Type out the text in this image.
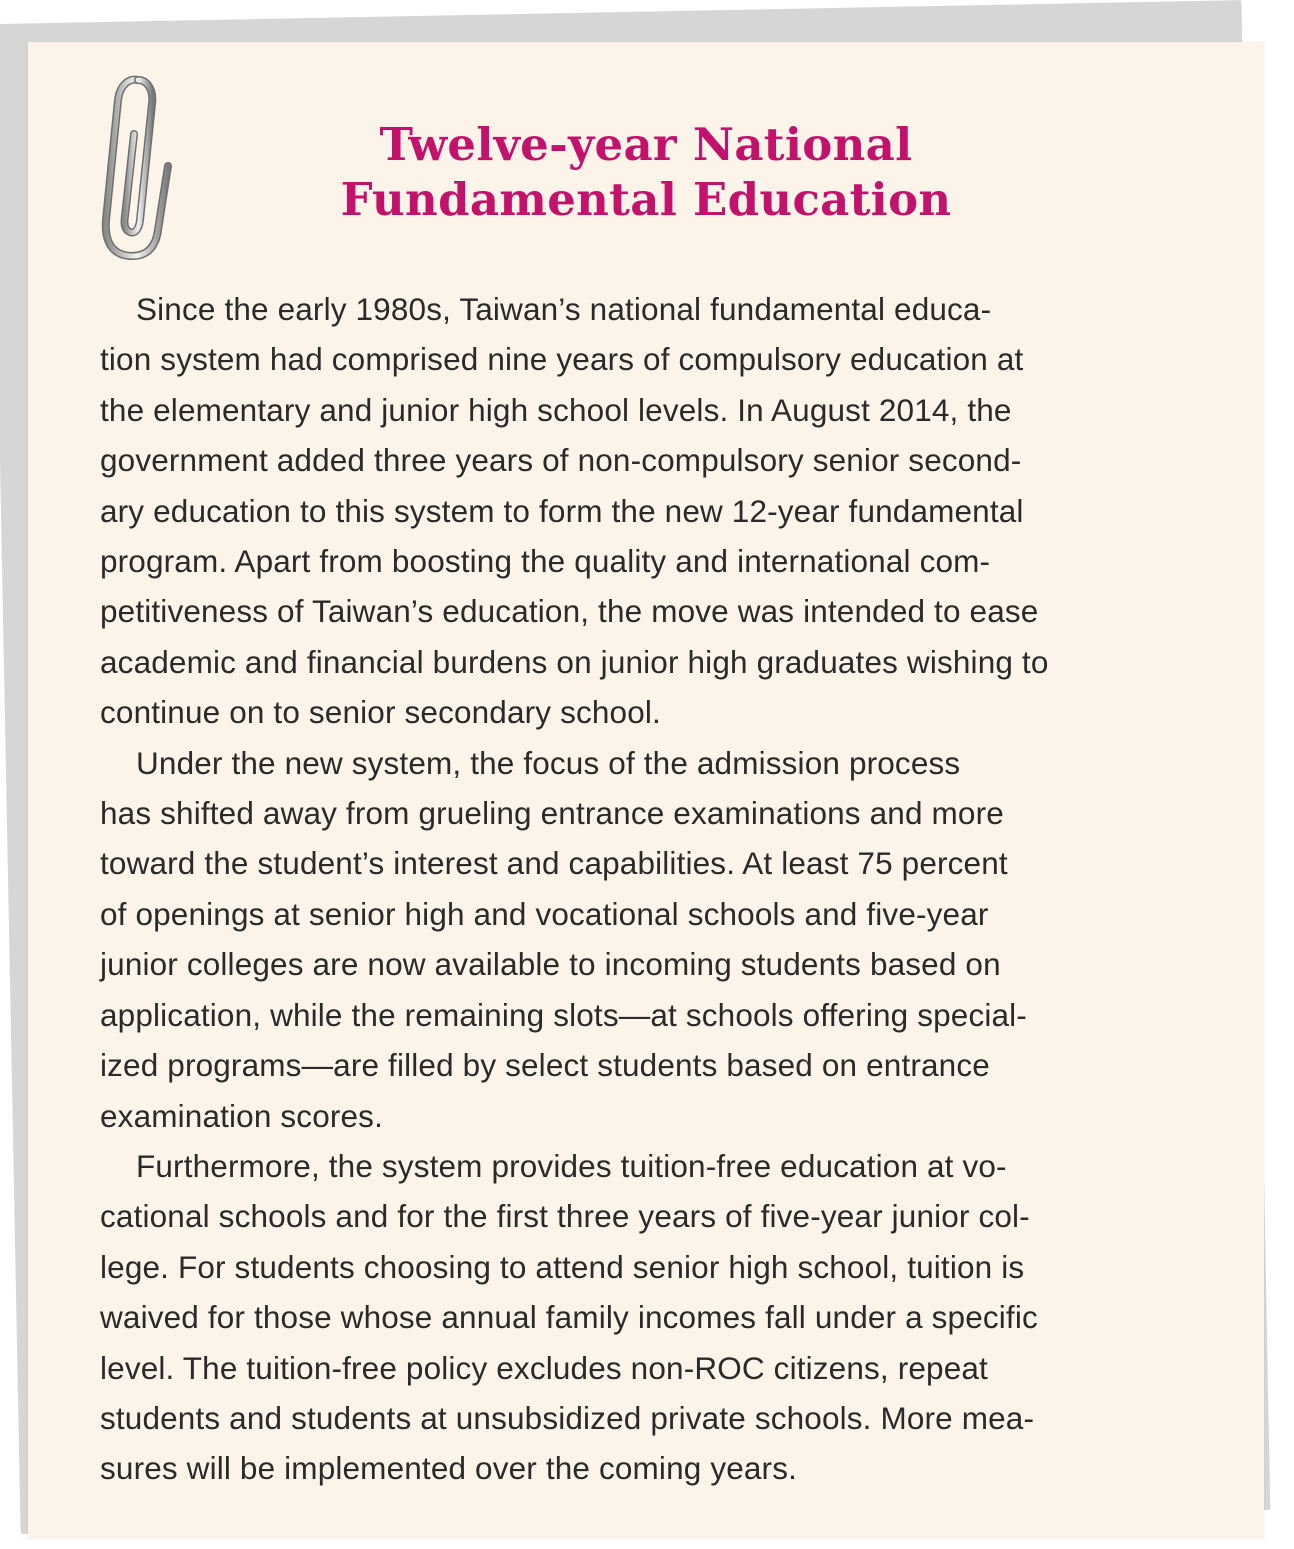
Twelve-year National
Fundamental Education

Since the early 1980s, Taiwan’s national fundamental educa-
tion system had comprised nine years of compulsory education at
the elementary and junior high school levels. In August 2014, the
government added three years of non-compulsory senior second-
ary education to this system to form the new 12-year fundamental
program. Apart from boosting the quality and international com-
petitiveness of Taiwan’s education, the move was intended to ease
academic and financial burdens on junior high graduates wishing to
continue on to senior secondary school.

Under the new system, the focus of the admission process
has shifted away from grueling entrance examinations and more
toward the student’s interest and capabilities. At least 75 percent
of openings at senior high and vocational schools and five-year
junior colleges are now available to incoming students based on
application, while the remaining slots—at schools offering special-
ized programs—are filled by select students based on entrance
examination scores.

Furthermore, the system provides tuition-free education at vo-
cational schools and for the first three years of five-year junior col-
lege. For students choosing to attend senior high school, tuition is
waived for those whose annual family incomes fall under a specific
level. The tuition-free policy excludes non-ROC citizens, repeat
students and students at unsubsidized private schools. More mea-
sures will be implemented over the coming years.
